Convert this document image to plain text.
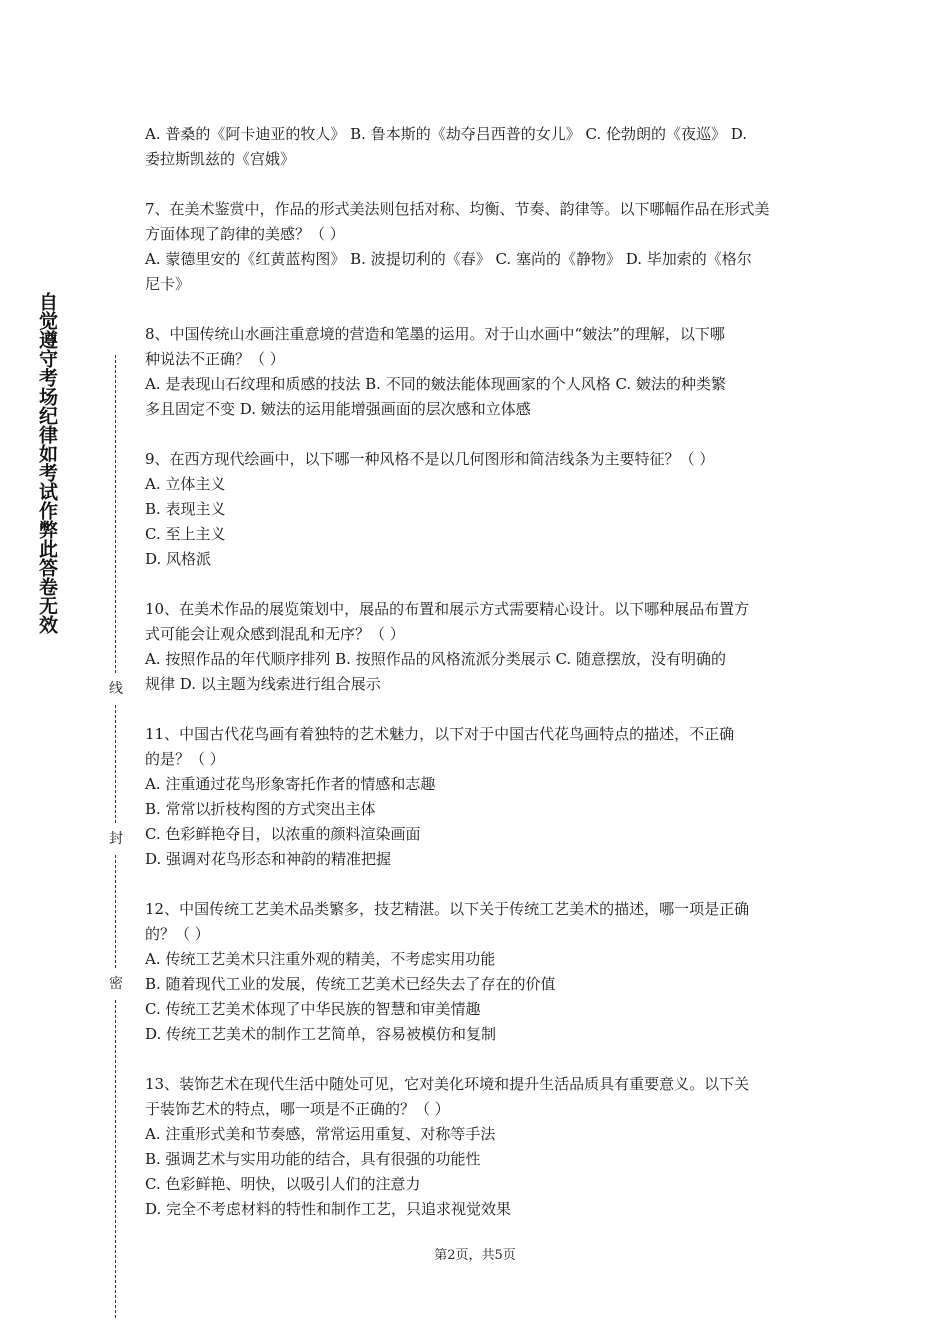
自觉遵守考场纪律如考试作弊此答卷无效
线
封
密
A. 普桑的《阿卡迪亚的牧人》 B. 鲁本斯的《劫夺吕西普的女儿》 C. 伦勃朗的《夜巡》 D.
委拉斯凯兹的《宫娥》
7、在美术鉴赏中，作品的形式美法则包括对称、均衡、节奏、韵律等。以下哪幅作品在形式美
方面体现了韵律的美感？（ ）
A. 蒙德里安的《红黄蓝构图》 B. 波提切利的《春》 C. 塞尚的《静物》 D. 毕加索的《格尔
尼卡》
8、中国传统山水画注重意境的营造和笔墨的运用。对于山水画中“皴法”的理解，以下哪
种说法不正确？（ ）
A. 是表现山石纹理和质感的技法 B. 不同的皴法能体现画家的个人风格 C. 皴法的种类繁
多且固定不变 D. 皴法的运用能增强画面的层次感和立体感
9、在西方现代绘画中，以下哪一种风格不是以几何图形和简洁线条为主要特征？（ ）
A. 立体主义
B. 表现主义
C. 至上主义
D. 风格派
10、在美术作品的展览策划中，展品的布置和展示方式需要精心设计。以下哪种展品布置方
式可能会让观众感到混乱和无序？（ ）
A. 按照作品的年代顺序排列 B. 按照作品的风格流派分类展示 C. 随意摆放，没有明确的
规律 D. 以主题为线索进行组合展示
11、中国古代花鸟画有着独特的艺术魅力，以下对于中国古代花鸟画特点的描述，不正确
的是？（ ）
A. 注重通过花鸟形象寄托作者的情感和志趣
B. 常常以折枝构图的方式突出主体
C. 色彩鲜艳夺目，以浓重的颜料渲染画面
D. 强调对花鸟形态和神韵的精准把握
12、中国传统工艺美术品类繁多，技艺精湛。以下关于传统工艺美术的描述，哪一项是正确
的？（ ）
A. 传统工艺美术只注重外观的精美，不考虑实用功能
B. 随着现代工业的发展，传统工艺美术已经失去了存在的价值
C. 传统工艺美术体现了中华民族的智慧和审美情趣
D. 传统工艺美术的制作工艺简单，容易被模仿和复制
13、装饰艺术在现代生活中随处可见，它对美化环境和提升生活品质具有重要意义。以下关
于装饰艺术的特点，哪一项是不正确的？（ ）
A. 注重形式美和节奏感，常常运用重复、对称等手法
B. 强调艺术与实用功能的结合，具有很强的功能性
C. 色彩鲜艳、明快，以吸引人们的注意力
D. 完全不考虑材料的特性和制作工艺，只追求视觉效果
第2页，共5页
